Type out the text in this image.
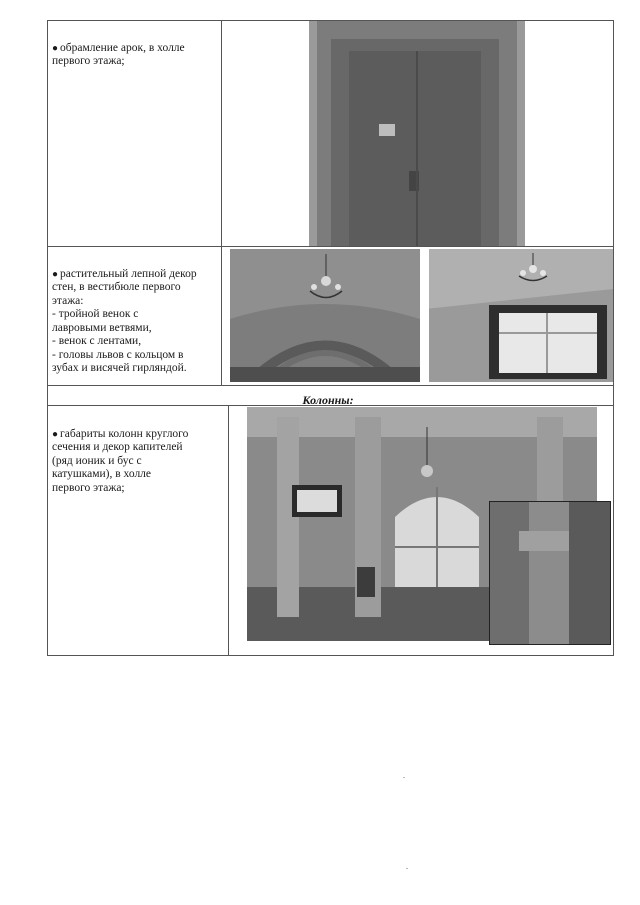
● обрамление арок, в холле
первого этажа;

● растительный лепной декор
стен, в вестибюле первого
этажа:
- тройной венок с
лавровыми ветвями,
- венок с лентами,
- головы львов с кольцом в
зубах и висячей гирляндой.

Колонны:

● габариты колонн круглого
сечения и декор капителей
(ряд ионик и бус с
катушками), в холле
первого этажа;
